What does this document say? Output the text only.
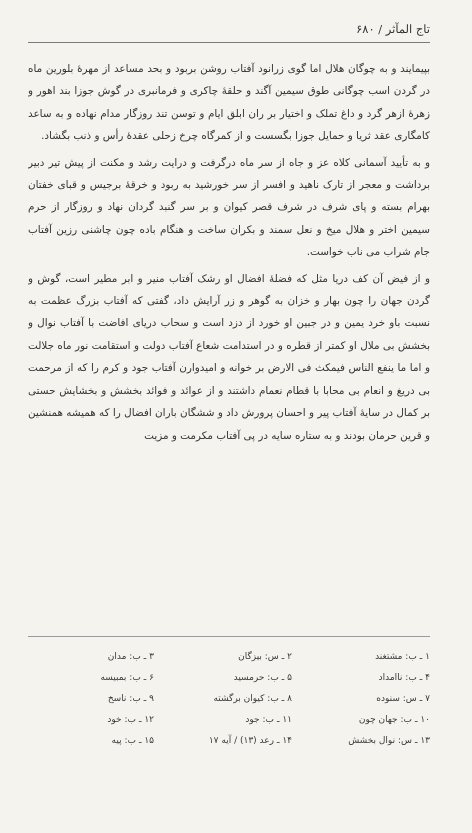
تاج المآثر / ۶۸۰

بپیمایند و به چوگان هلال اما گوی زرانود آفتاب روشن بربود و بحد مساعد از مهرهٔ بلورین ماه در گردن اسب چوگانی طوق سیمین آگند و حلقهٔ چاکری و فرمانبری در گوش جوزا بند اهور و زهرهٔ ازهر گرد و داغ تملک و اختیار بر ران ابلق ایام و توسن تند روزگار مدام نهاده و به ساعد کامگاری عقد ثریا و حمایل جوزا بگسست و از کمرگاه چرخ زحلی عقدهٔ رأس و ذنب بگشاد.

و به تأیید آسمانی کلاه عز و جاه از سر ماه درگرفت و درایت رشد و مکنت از پیش تیر دبیر برداشت و معجر از تارک ناهید و افسر از سر خورشید به ربود و خرقهٔ برجیس و قبای خفتان بهرام بسته و پای شرف در شرف قصر کیوان و بر سر گنبد گردان نهاد و روزگار از حرم سیمین اختر و هلال میخ و نعل سمند و بکران ساخت و هنگام باده چون چاشنی رزین آفتاب جام شراب می ناب خواست.

و از فیض آن کف دریا مثل که فضلهٔ افضال او رشک آفتاب منیر و ابر مطیر است، گوش و گردن جهان را چون بهار و خزان به گوهر و زر آرایش داد، گفتی که آفتاب بزرگ عظمت به نسبت باو خرد یمین و در جبین او خورد از دزد است و سحاب دریای افاضت با آفتاب نوال و بخشش بی ملال او کمتر از قطره و در استدامت شعاع آفتاب دولت و استقامت نور ماه جلالت و اما ما ینفع الناس فیمکث فی الارض بر خوانه و امیدوارن آفتاب جود و کرم را که از مرحمت بی دریغ و انعام بی محابا با قطام نعمام داشتند و از عوائد و فوائد بخشش و بخشایش حستی بر کمال در سایهٔ آفتاب پیر و احسان پرورش داد و ششگان باران افضال را که همیشه همنشین و قرین حرمان بودند و به ستاره سایه در پی آفتاب مکرمت و مزیت

۱ ـ ب: مشتغند
۲ ـ س: بیزگان
۳ ـ ب: مدان
۴ ـ ب: ناامداد
۵ ـ ب: حرمسید
۶ ـ ب: بمبیسه
۷ ـ س: سنوده
۸ ـ ب: کیوان برگشته
۹ ـ ب: ناسخ
۱۰ ـ ب: جهان چون
۱۱ ـ ب: جود
۱۲ ـ ب: خود
۱۳ ـ س: نوال بخشش
۱۴ ـ رعد (۱۳) / آیه ۱۷
۱۵ ـ ب: پیه
